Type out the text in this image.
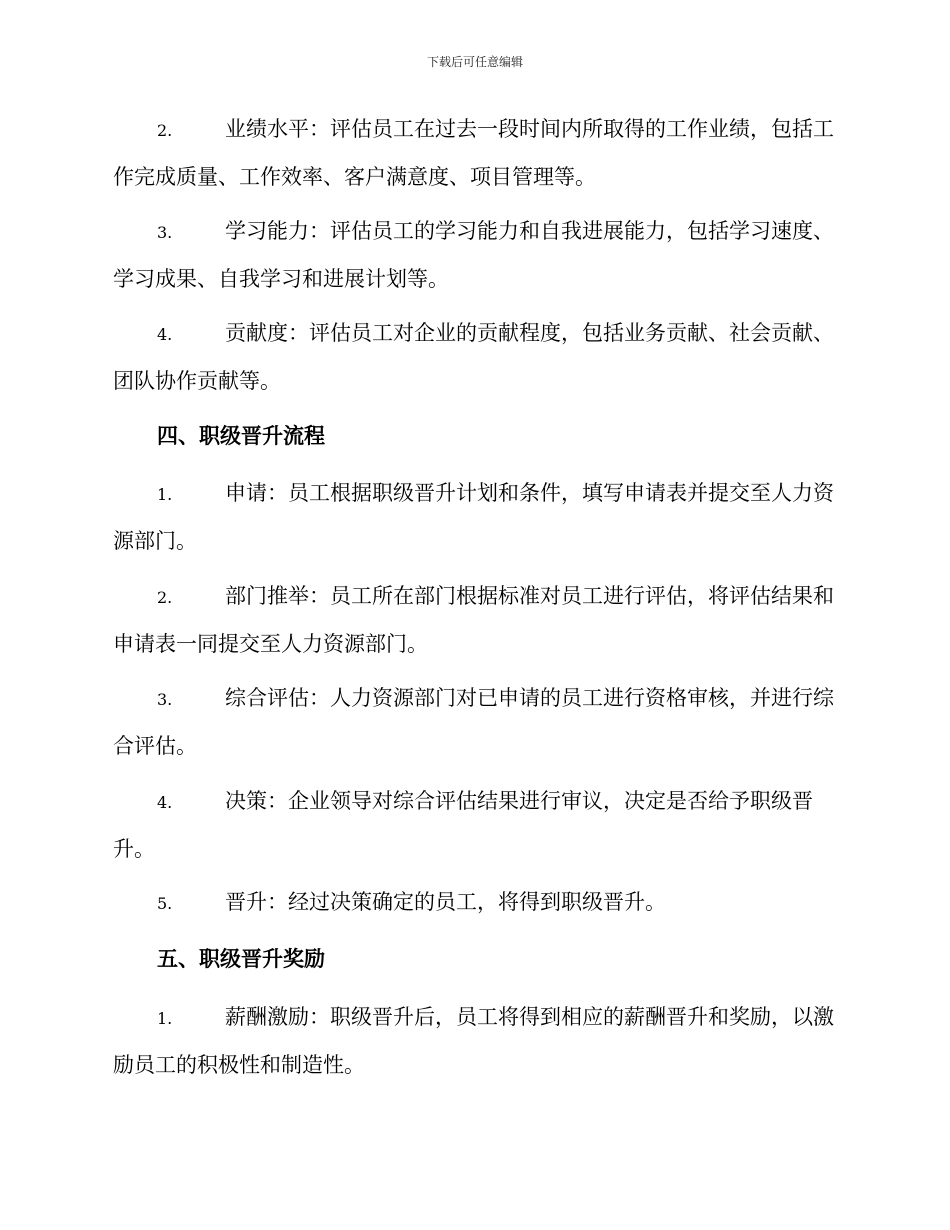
下载后可任意编辑

2.	业绩水平：评估员工在过去一段时间内所取得的工作业绩，包括工作完成质量、工作效率、客户满意度、项目管理等。

3.	学习能力：评估员工的学习能力和自我进展能力，包括学习速度、学习成果、自我学习和进展计划等。

4.	贡献度：评估员工对企业的贡献程度，包括业务贡献、社会贡献、团队协作贡献等。

四、职级晋升流程

1.	申请：员工根据职级晋升计划和条件，填写申请表并提交至人力资源部门。

2.	部门推举：员工所在部门根据标准对员工进行评估，将评估结果和申请表一同提交至人力资源部门。

3.	综合评估：人力资源部门对已申请的员工进行资格审核，并进行综合评估。

4.	决策：企业领导对综合评估结果进行审议，决定是否给予职级晋升。

5.	晋升：经过决策确定的员工，将得到职级晋升。

五、职级晋升奖励

1.	薪酬激励：职级晋升后，员工将得到相应的薪酬晋升和奖励，以激励员工的积极性和制造性。
